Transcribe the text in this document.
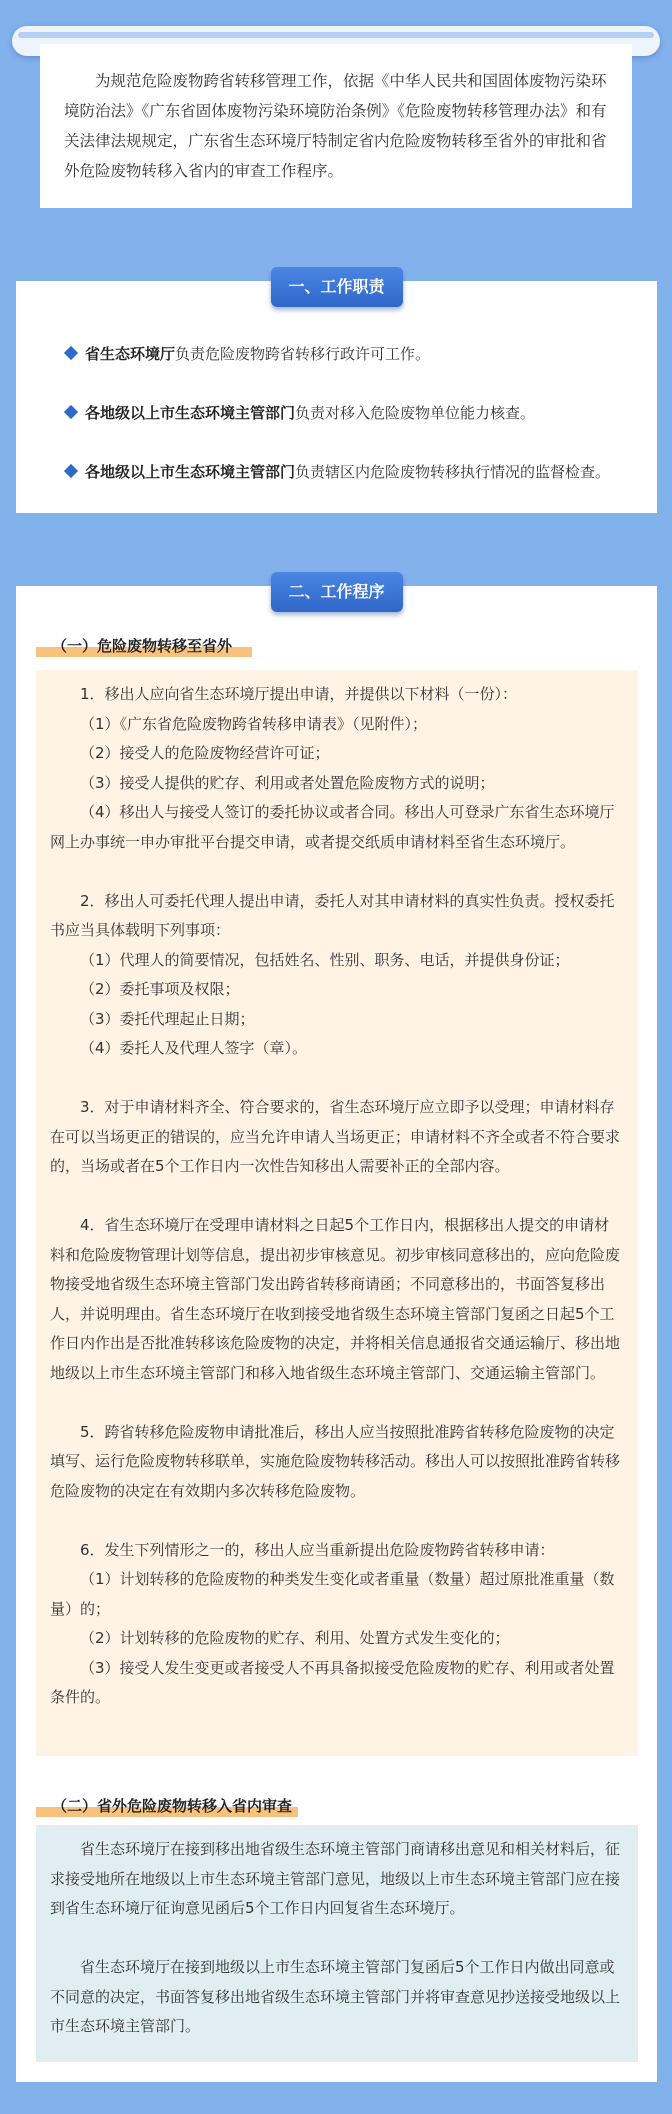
为规范危险废物跨省转移管理工作，依据《中华人民共和国固体废物污染环境防治法》《广东省固体废物污染环境防治条例》《危险废物转移管理办法》和有关法律法规规定，广东省生态环境厅特制定省内危险废物转移至省外的审批和省外危险废物转移入省内的审查工作程序。

一、工作职责
省生态环境厅负责危险废物跨省转移行政许可工作。
各地级以上市生态环境主管部门负责对移入危险废物单位能力核查。
各地级以上市生态环境主管部门负责辖区内危险废物转移执行情况的监督检查。
二、工作程序
（一）危险废物转移至省外

1．移出人应向省生态环境厅提出申请，并提供以下材料（一份）：

（1）《广东省危险废物跨省转移申请表》（见附件）；

（2）接受人的危险废物经营许可证；

（3）接受人提供的贮存、利用或者处置危险废物方式的说明；

（4）移出人与接受人签订的委托协议或者合同。移出人可登录广东省生态环境厅网上办事统一申办审批平台提交申请，或者提交纸质申请材料至省生态环境厅。

2．移出人可委托代理人提出申请，委托人对其申请材料的真实性负责。授权委托书应当具体载明下列事项：

（1）代理人的简要情况，包括姓名、性别、职务、电话，并提供身份证；

（2）委托事项及权限；

（3）委托代理起止日期；

（4）委托人及代理人签字（章）。

3．对于申请材料齐全、符合要求的，省生态环境厅应立即予以受理；申请材料存在可以当场更正的错误的，应当允许申请人当场更正；申请材料不齐全或者不符合要求的，当场或者在5个工作日内一次性告知移出人需要补正的全部内容。

4．省生态环境厅在受理申请材料之日起5个工作日内，根据移出人提交的申请材料和危险废物管理计划等信息，提出初步审核意见。初步审核同意移出的，应向危险废物接受地省级生态环境主管部门发出跨省转移商请函；不同意移出的，书面答复移出人，并说明理由。省生态环境厅在收到接受地省级生态环境主管部门复函之日起5个工作日内作出是否批准转移该危险废物的决定，并将相关信息通报省交通运输厅、移出地地级以上市生态环境主管部门和移入地省级生态环境主管部门、交通运输主管部门。

5．跨省转移危险废物申请批准后，移出人应当按照批准跨省转移危险废物的决定填写、运行危险废物转移联单，实施危险废物转移活动。移出人可以按照批准跨省转移危险废物的决定在有效期内多次转移危险废物。

6．发生下列情形之一的，移出人应当重新提出危险废物跨省转移申请：

（1）计划转移的危险废物的种类发生变化或者重量（数量）超过原批准重量（数量）的；

（2）计划转移的危险废物的贮存、利用、处置方式发生变化的；

（3）接受人发生变更或者接受人不再具备拟接受危险废物的贮存、利用或者处置条件的。

（二）省外危险废物转移入省内审查

省生态环境厅在接到移出地省级生态环境主管部门商请移出意见和相关材料后，征求接受地所在地级以上市生态环境主管部门意见，地级以上市生态环境主管部门应在接到省生态环境厅征询意见函后5个工作日内回复省生态环境厅。

省生态环境厅在接到地级以上市生态环境主管部门复函后5个工作日内做出同意或不同意的决定，书面答复移出地省级生态环境主管部门并将审查意见抄送接受地级以上市生态环境主管部门。
